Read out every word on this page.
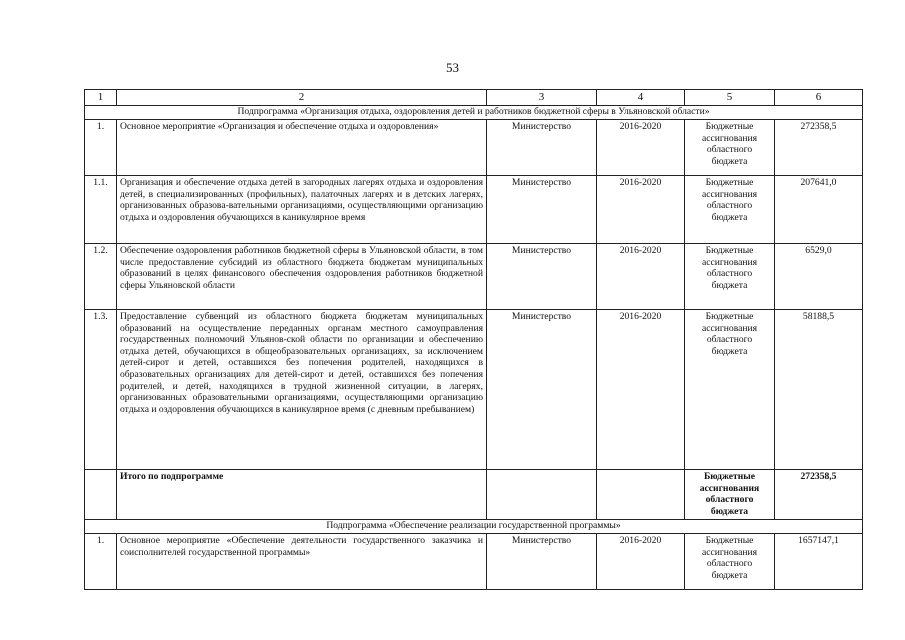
53
1	2	3	4	5	6
Подпрограмма «Организация отдыха, оздоровления детей и работников бюджетной сферы в Ульяновской области»					
1.	Основное мероприятие «Организация и обеспечение отдыха и оздоровления»	Министерство	2016-2020	Бюджетные ассигнования областного бюджета	272358,5
1.1.	Организация и обеспечение отдыха детей в загородных лагерях отдыха и оздоровления детей, в специализированных (профильных), палаточных лагерях и в детских лагерях, организованных образова-вательными организациями, осуществляющими организацию отдыха и оздоровления обучающихся в каникулярное время	Министерство	2016-2020	Бюджетные ассигнования областного бюджета	207641,0
1.2.	Обеспечение оздоровления работников бюджетной сферы в Ульяновской области, в том числе предоставление субсидий из областного бюджета бюджетам муниципальных образований в целях финансового обеспечения оздоровления работников бюджетной сферы Ульяновской области	Министерство	2016-2020	Бюджетные ассигнования областного бюджета	6529,0
1.3.	Предоставление субвенций из областного бюджета бюджетам муниципальных образований на осуществление переданных органам местного самоуправления государственных полномочий Ульянов-ской области по организации и обеспечению отдыха детей, обучающихся в общеобразовательных организациях, за исключением детей-сирот и детей, оставшихся без попечения родителей, находящихся в образовательных организациях для детей-сирот и детей, оставшихся без попечения родителей, и детей, находящихся в трудной жизненной ситуации, в лагерях, организованных образовательными организациями, осуществляющими организацию отдыха и оздоровления обучающихся в каникулярное время (с дневным пребыванием)	Министерство	2016-2020	Бюджетные ассигнования областного бюджета	58188,5
	Итого по подпрограмме			Бюджетные ассигнования областного бюджета	272358,5
Подпрограмма «Обеспечение реализации государственной программы»					
1.	Основное мероприятие «Обеспечение деятельности государственного заказчика и соисполнителей государственной программы»	Министерство	2016-2020	Бюджетные ассигнования областного бюджета	1657147,1
